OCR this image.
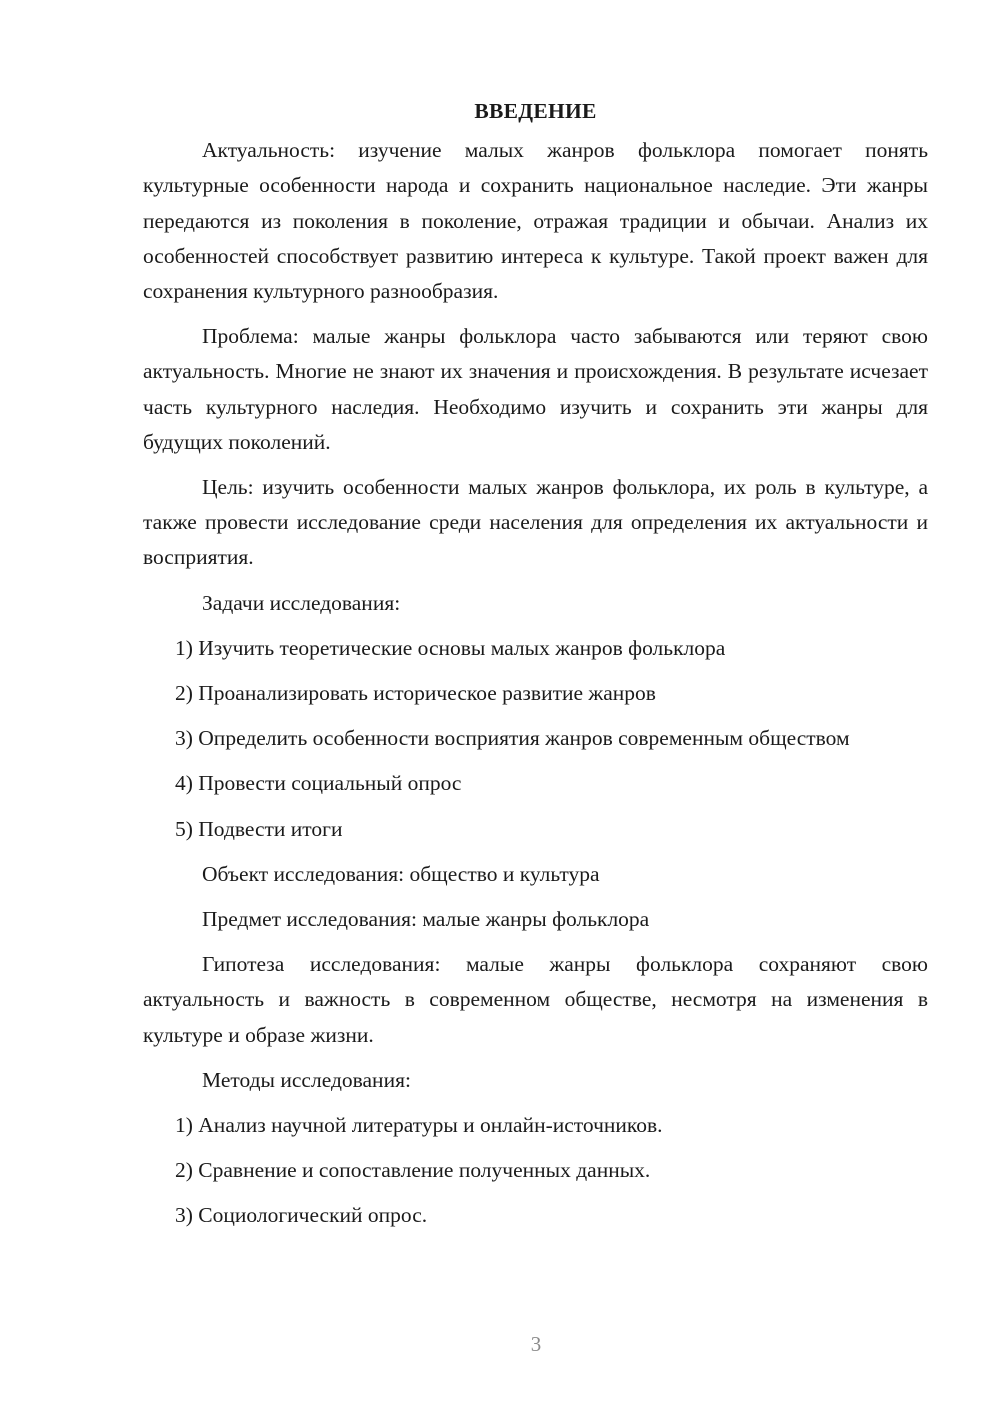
ВВЕДЕНИЕ

Актуальность: изучение малых жанров фольклора помогает понять культурные особенности народа и сохранить национальное наследие. Эти жанры передаются из поколения в поколение, отражая традиции и обычаи. Анализ их особенностей способствует развитию интереса к культуре. Такой проект важен для сохранения культурного разнообразия.

Проблема: малые жанры фольклора часто забываются или теряют свою актуальность. Многие не знают их значения и происхождения. В результате исчезает часть культурного наследия. Необходимо изучить и сохранить эти жанры для будущих поколений.

Цель: изучить особенности малых жанров фольклора, их роль в культуре, а также провести исследование среди населения для определения их актуальности и восприятия.

Задачи исследования:

1) Изучить теоретические основы малых жанров фольклора

2) Проанализировать историческое развитие жанров

3) Определить особенности восприятия жанров современным обществом

4) Провести социальный опрос

5) Подвести итоги

Объект исследования: общество и культура

Предмет исследования: малые жанры фольклора

Гипотеза исследования: малые жанры фольклора сохраняют свою актуальность и важность в современном обществе, несмотря на изменения в культуре и образе жизни.

Методы исследования:

1) Анализ научной литературы и онлайн-источников.

2) Сравнение и сопоставление полученных данных.

3) Социологический опрос.

3
